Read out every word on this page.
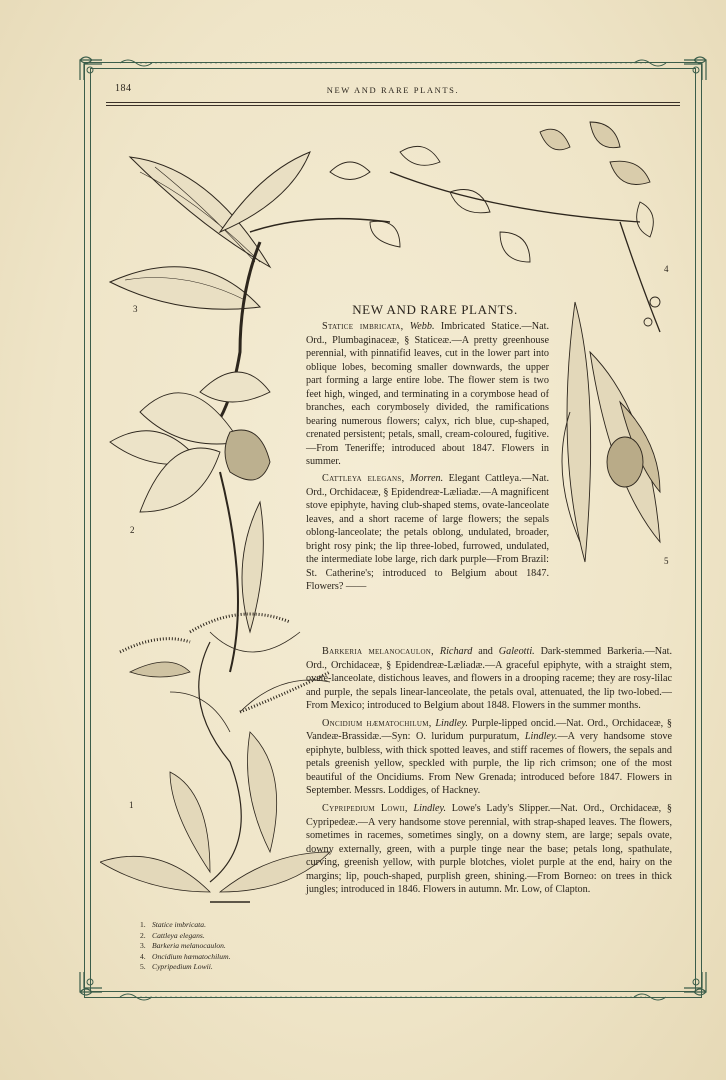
184	NEW AND RARE PLANTS.
3
4
2
5
1
NEW AND RARE PLANTS.

Statice imbricata, Webb. Imbricated Statice.—Nat. Ord., Plumbaginaceæ, § Staticeæ.—A pretty greenhouse perennial, with pinnatifid leaves, cut in the lower part into oblique lobes, becoming smaller downwards, the upper part forming a large entire lobe. The flower stem is two feet high, winged, and terminating in a corymbose head of branches, each corymbosely divided, the ramifications bearing numerous flowers; calyx, rich blue, cup-shaped, crenated persistent; petals, small, cream-coloured, fugitive.—From Teneriffe; introduced about 1847. Flowers in summer.

Cattleya elegans, Morren. Elegant Cattleya.—Nat. Ord., Orchidaceæ, § Epidendreæ-Læliadæ.—A magnificent stove epiphyte, having club-shaped stems, ovate-lanceolate leaves, and a short raceme of large flowers; the sepals oblong-lanceolate; the petals oblong, undulated, broader, bright rosy pink; the lip three-lobed, furrowed, undulated, the intermediate lobe large, rich dark purple—From Brazil: St. Catherine's; introduced to Belgium about 1847. Flowers? ——

Barkeria melanocaulon, Richard and Galeotti. Dark-stemmed Barkeria.—Nat. Ord., Orchidaceæ, § Epidendreæ-Læliadæ.—A graceful epiphyte, with a straight stem, ovate-lanceolate, distichous leaves, and flowers in a drooping raceme; they are rosy-lilac and purple, the sepals linear-lanceolate, the petals oval, attenuated, the lip two-lobed.—From Mexico; introduced to Belgium about 1848. Flowers in the summer months.

Oncidium hæmatochilum, Lindley. Purple-lipped oncid.—Nat. Ord., Orchidaceæ, § Vandeæ-Brassidæ.—Syn: O. luridum purpuratum, Lindley.—A very handsome stove epiphyte, bulbless, with thick spotted leaves, and stiff racemes of flowers, the sepals and petals greenish yellow, speckled with purple, the lip rich crimson; one of the most beautiful of the Oncidiums. From New Grenada; introduced before 1847. Flowers in September. Messrs. Loddiges, of Hackney.

Cypripedium Lowii, Lindley. Lowe's Lady's Slipper.—Nat. Ord., Orchidaceæ, § Cypripedeæ.—A very handsome stove perennial, with strap-shaped leaves. The flowers, sometimes in racemes, sometimes singly, on a downy stem, are large; sepals ovate, downy externally, green, with a purple tinge near the base; petals long, spathulate, curving, greenish yellow, with purple blotches, violet purple at the end, hairy on the margins; lip, pouch-shaped, purplish green, shining.—From Borneo: on trees in thick jungles; introduced in 1846. Flowers in autumn. Mr. Low, of Clapton.

1. Statice imbricata.
2. Cattleya elegans.
3. Barkeria melanocaulon.
4. Oncidium hæmatochilum.
5. Cypripedium Lowii.
